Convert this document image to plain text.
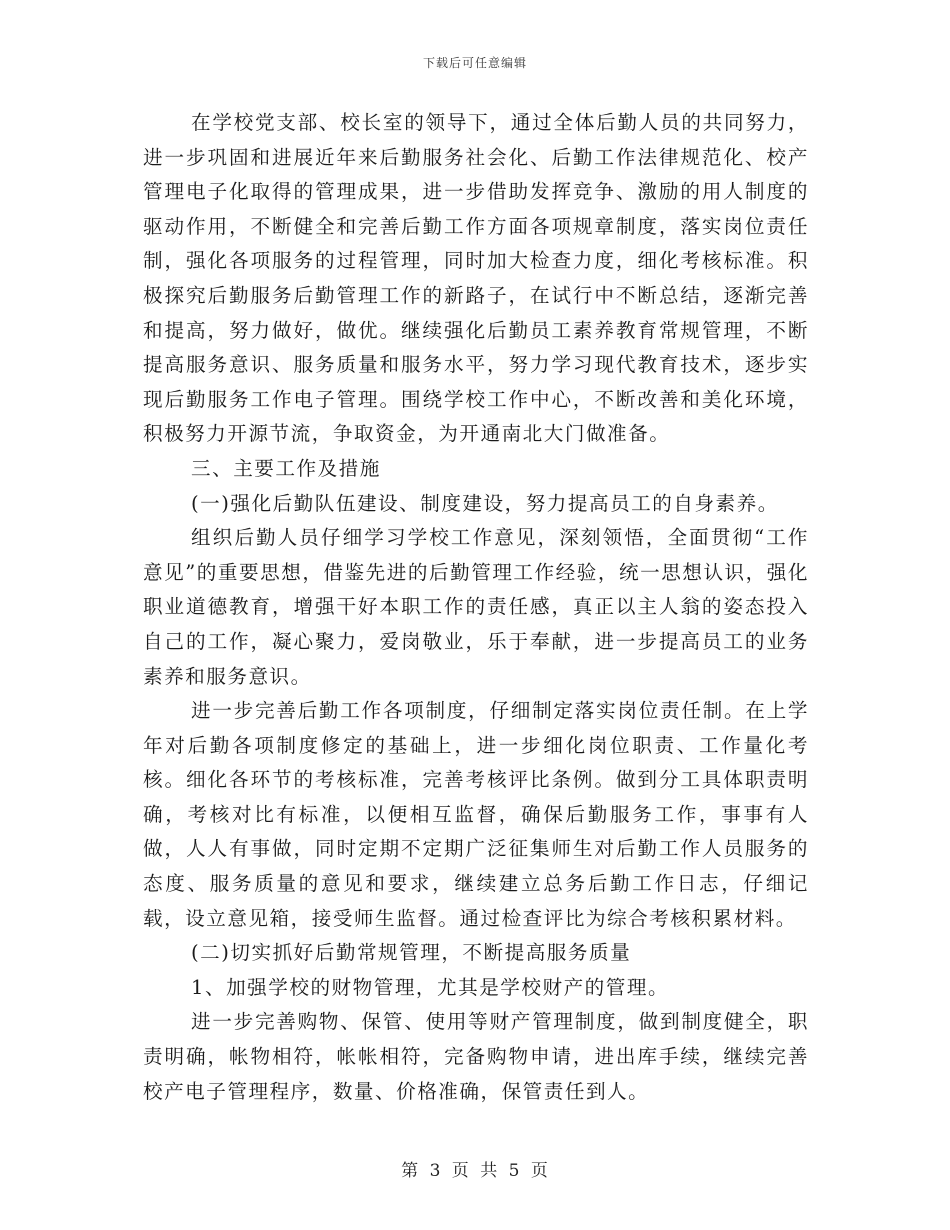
下载后可任意编辑

在学校党支部、校长室的领导下，通过全体后勤人员的共同努力，进一步巩固和进展近年来后勤服务社会化、后勤工作法律规范化、校产管理电子化取得的管理成果，进一步借助发挥竞争、激励的用人制度的驱动作用，不断健全和完善后勤工作方面各项规章制度，落实岗位责任制，强化各项服务的过程管理，同时加大检查力度，细化考核标准。积极探究后勤服务后勤管理工作的新路子，在试行中不断总结，逐渐完善和提高，努力做好，做优。继续强化后勤员工素养教育常规管理，不断提高服务意识、服务质量和服务水平，努力学习现代教育技术，逐步实现后勤服务工作电子管理。围绕学校工作中心，不断改善和美化环境，积极努力开源节流，争取资金，为开通南北大门做准备。

三、主要工作及措施

(一)强化后勤队伍建设、制度建设，努力提高员工的自身素养。

组织后勤人员仔细学习学校工作意见，深刻领悟，全面贯彻“工作意见”的重要思想，借鉴先进的后勤管理工作经验，统一思想认识，强化职业道德教育，增强干好本职工作的责任感，真正以主人翁的姿态投入自己的工作，凝心聚力，爱岗敬业，乐于奉献，进一步提高员工的业务素养和服务意识。

进一步完善后勤工作各项制度，仔细制定落实岗位责任制。在上学年对后勤各项制度修定的基础上，进一步细化岗位职责、工作量化考核。细化各环节的考核标准，完善考核评比条例。做到分工具体职责明确，考核对比有标准，以便相互监督，确保后勤服务工作，事事有人做，人人有事做，同时定期不定期广泛征集师生对后勤工作人员服务的态度、服务质量的意见和要求，继续建立总务后勤工作日志，仔细记载，设立意见箱，接受师生监督。通过检查评比为综合考核积累材料。

(二)切实抓好后勤常规管理，不断提高服务质量

1、加强学校的财物管理，尤其是学校财产的管理。

进一步完善购物、保管、使用等财产管理制度，做到制度健全，职责明确，帐物相符，帐帐相符，完备购物申请，进出库手续，继续完善校产电子管理程序，数量、价格准确，保管责任到人。

第 3 页 共 5 页
